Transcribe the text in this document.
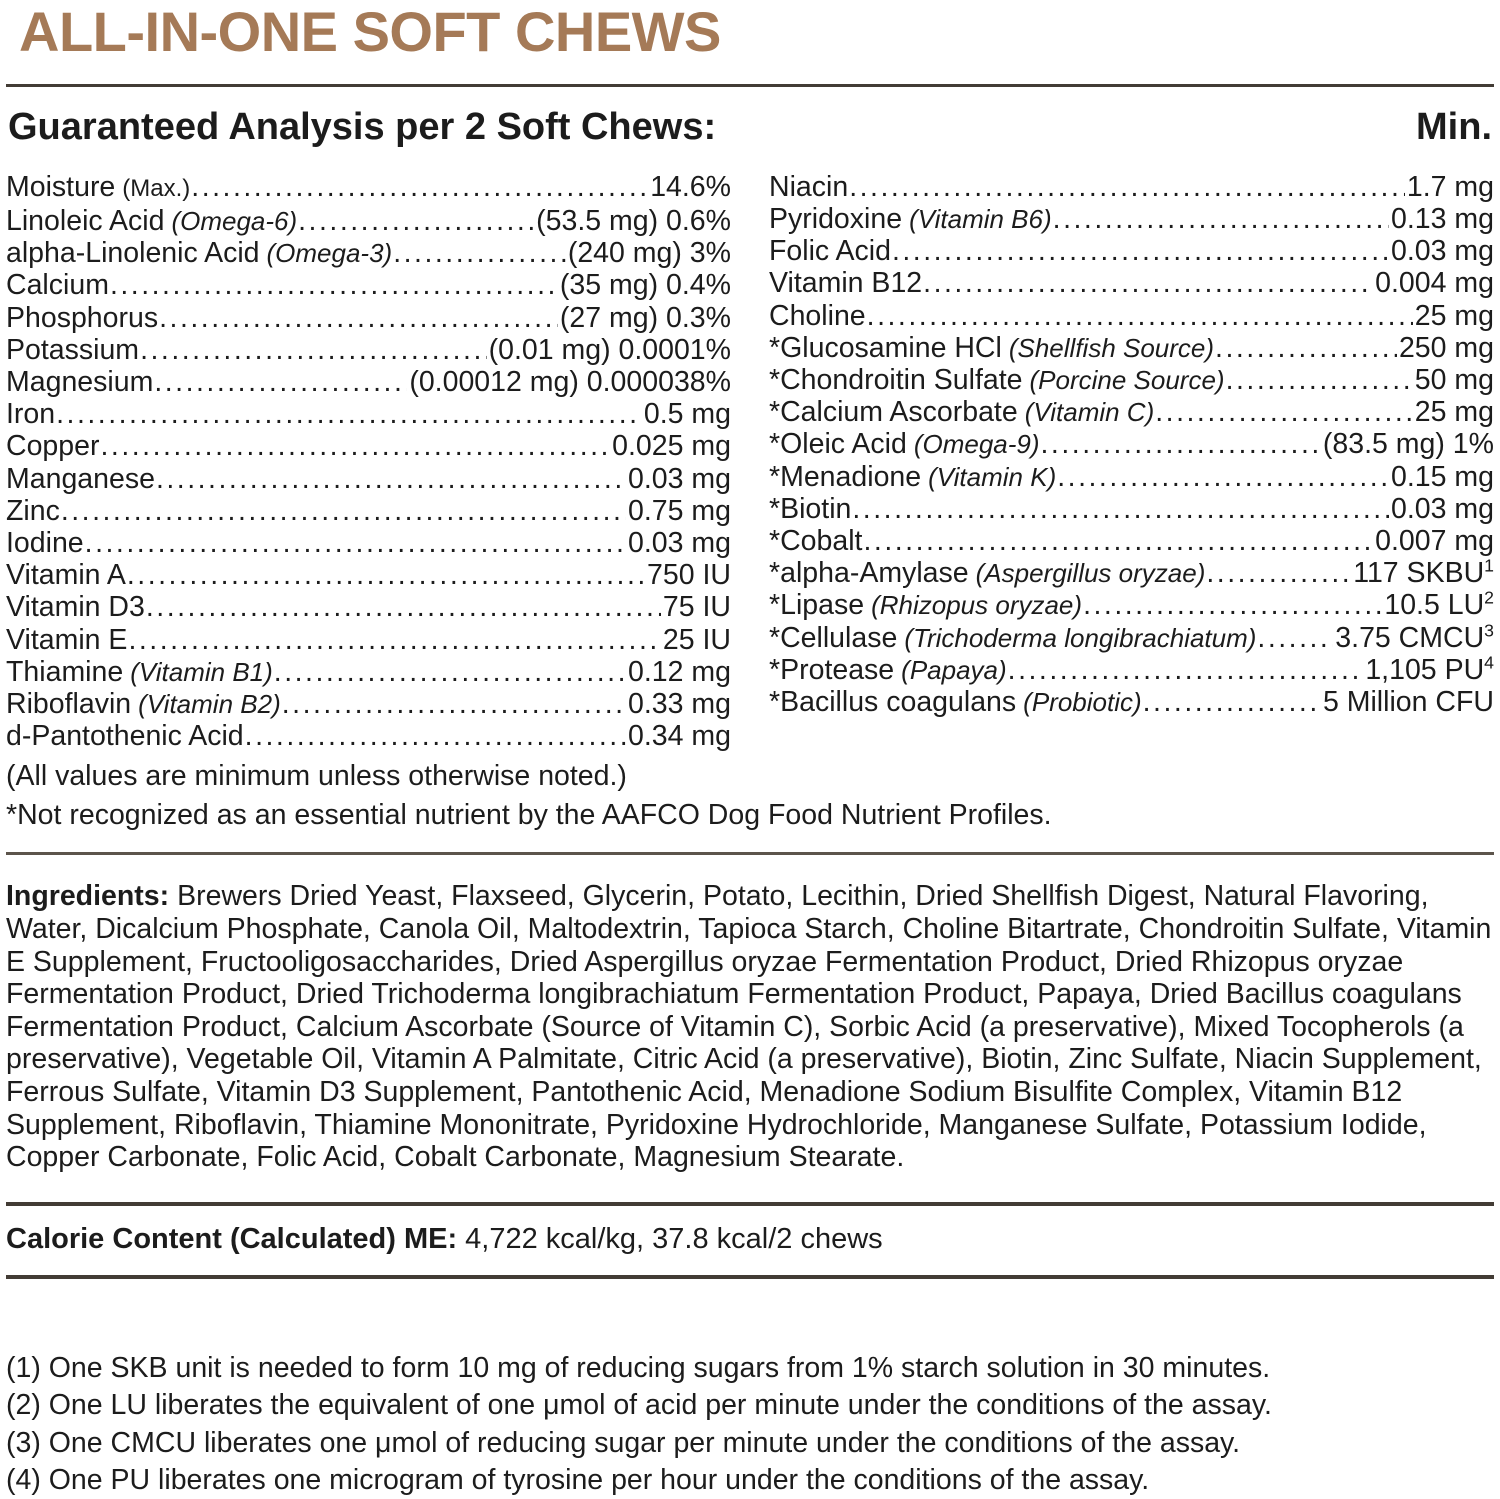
ALL-IN-ONE SOFT CHEWS
Guaranteed Analysis per 2 Soft Chews:	Min.
Moisture (Max.) .....	14.6%
Linoleic Acid (Omega-6) .....	(53.5 mg) 0.6%
alpha-Linolenic Acid (Omega-3) .....	(240 mg) 3%
Calcium .....	(35 mg) 0.4%
Phosphorus .....	(27 mg) 0.3%
Potassium .....	(0.01 mg) 0.0001%
Magnesium .....	(0.00012 mg) 0.000038%
Iron .....	0.5 mg
Copper .....	0.025 mg
Manganese .....	0.03 mg
Zinc .....	0.75 mg
Iodine .....	0.03 mg
Vitamin A .....	750 IU
Vitamin D3 .....	75 IU
Vitamin E .....	25 IU
Thiamine (Vitamin B1) .....	0.12 mg
Riboflavin (Vitamin B2) .....	0.33 mg
d-Pantothenic Acid .....	0.34 mg
Niacin .....	1.7 mg
Pyridoxine (Vitamin B6) .....	0.13 mg
Folic Acid .....	0.03 mg
Vitamin B12 .....	0.004 mg
Choline .....	25 mg
*Glucosamine HCl (Shellfish Source) .....	250 mg
*Chondroitin Sulfate (Porcine Source) .....	50 mg
*Calcium Ascorbate (Vitamin C) .....	25 mg
*Oleic Acid (Omega-9) .....	(83.5 mg) 1%
*Menadione (Vitamin K) .....	0.15 mg
*Biotin .....	0.03 mg
*Cobalt .....	0.007 mg
*alpha-Amylase (Aspergillus oryzae) .....	117 SKBU$^1$
*Lipase (Rhizopus oryzae) .....	10.5 $LU^2$
*Cellulase (Trichoderma longibrachiatum) .....	3.75 CMCU$^3$
*Protease (Papaya) .....	1,105 $PU^4$
*Bacillus coagulans (Probiotic) .....	5 Million CFU

(All values are minimum unless otherwise noted.)

*Not recognized as an essential nutrient by the AAFCO Dog Food Nutrient Profiles.

Ingredients: Brewers Dried Yeast, Flaxseed, Glycerin, Potato, Lecithin, Dried Shellfish Digest, Natural Flavoring, Water, Dicalcium Phosphate, Canola Oil, Maltodextrin, Tapioca Starch, Choline Bitartrate, Chondroitin Sulfate, Vitamin E Supplement, Fructooligosaccharides, Dried Aspergillus oryzae Fermentation Product, Dried Rhizopus oryzae Fermentation Product, Dried Trichoderma longibrachiatum Fermentation Product, Papaya, Dried Bacillus coagulans Fermentation Product, Calcium Ascorbate (Source of Vitamin C), Sorbic Acid (a preservative), Mixed Tocopherols (a preservative), Vegetable Oil, Vitamin A Palmitate, Citric Acid (a preservative), Biotin, Zinc Sulfate, Niacin Supplement, Ferrous Sulfate, Vitamin D3 Supplement, Pantothenic Acid, Menadione Sodium Bisulfite Complex, Vitamin B12 Supplement, Riboflavin, Thiamine Mononitrate, Pyridoxine Hydrochloride, Manganese Sulfate, Potassium Iodide, Copper Carbonate, Folic Acid, Cobalt Carbonate, Magnesium Stearate.

Calorie Content (Calculated) ME: 4,722 kcal/kg, 37.8 kcal/2 chews

(1) One SKB unit is needed to form 10 mg of reducing sugars from 1% starch solution in 30 minutes.

(2) One LU liberates the equivalent of one μmol of acid per minute under the conditions of the assay.

(3) One CMCU liberates one μmol of reducing sugar per minute under the conditions of the assay.

(4) One PU liberates one microgram of tyrosine per hour under the conditions of the assay.
